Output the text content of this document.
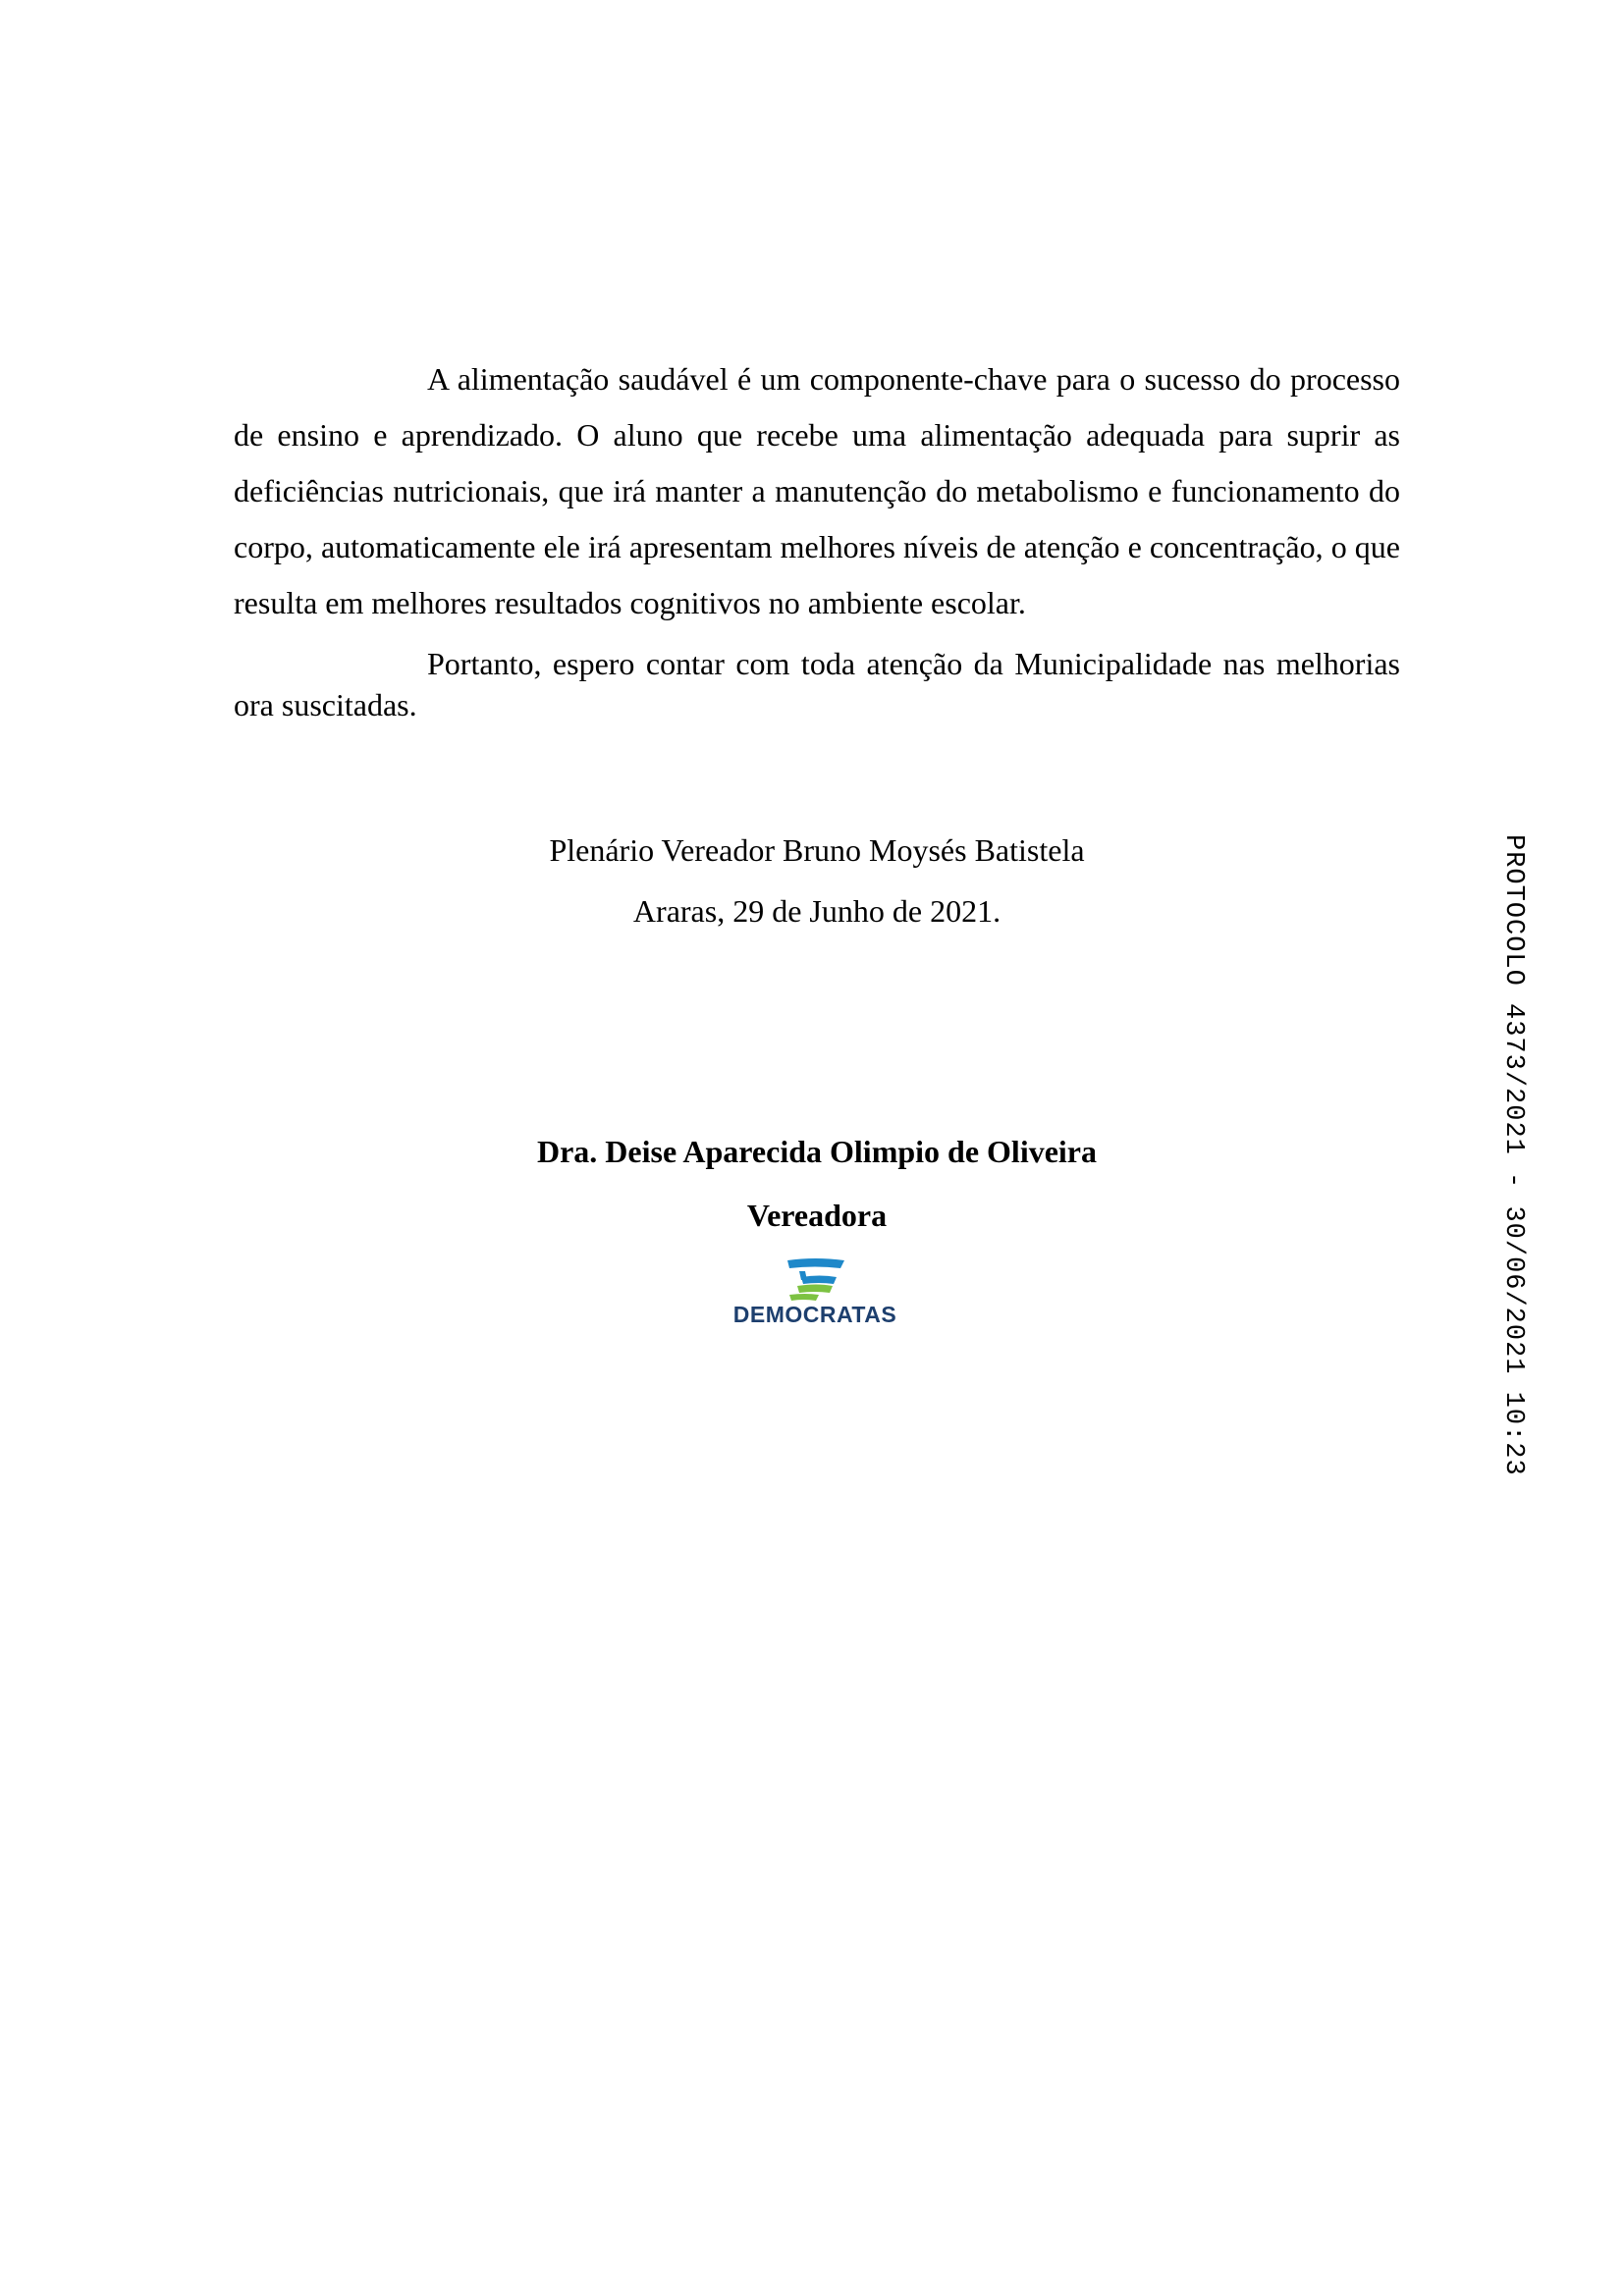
A alimentação saudável é um componente-chave para o sucesso do processo de ensino e aprendizado. O aluno que recebe uma alimentação adequada para suprir as deficiências nutricionais, que irá manter a manutenção do metabolismo e funcionamento do corpo, automaticamente ele irá apresentam melhores níveis de atenção e concentração, o que resulta em melhores resultados cognitivos no ambiente escolar.

Portanto, espero contar com toda atenção da Municipalidade nas melhorias ora suscitadas.

Plenário Vereador Bruno Moysés Batistela

Araras, 29 de Junho de 2021.

Dra. Deise Aparecida Olimpio de Oliveira

Vereadora

DEMOCRATAS	PROTOCOLO 4373/2021 - 30/06/2021 10:23
